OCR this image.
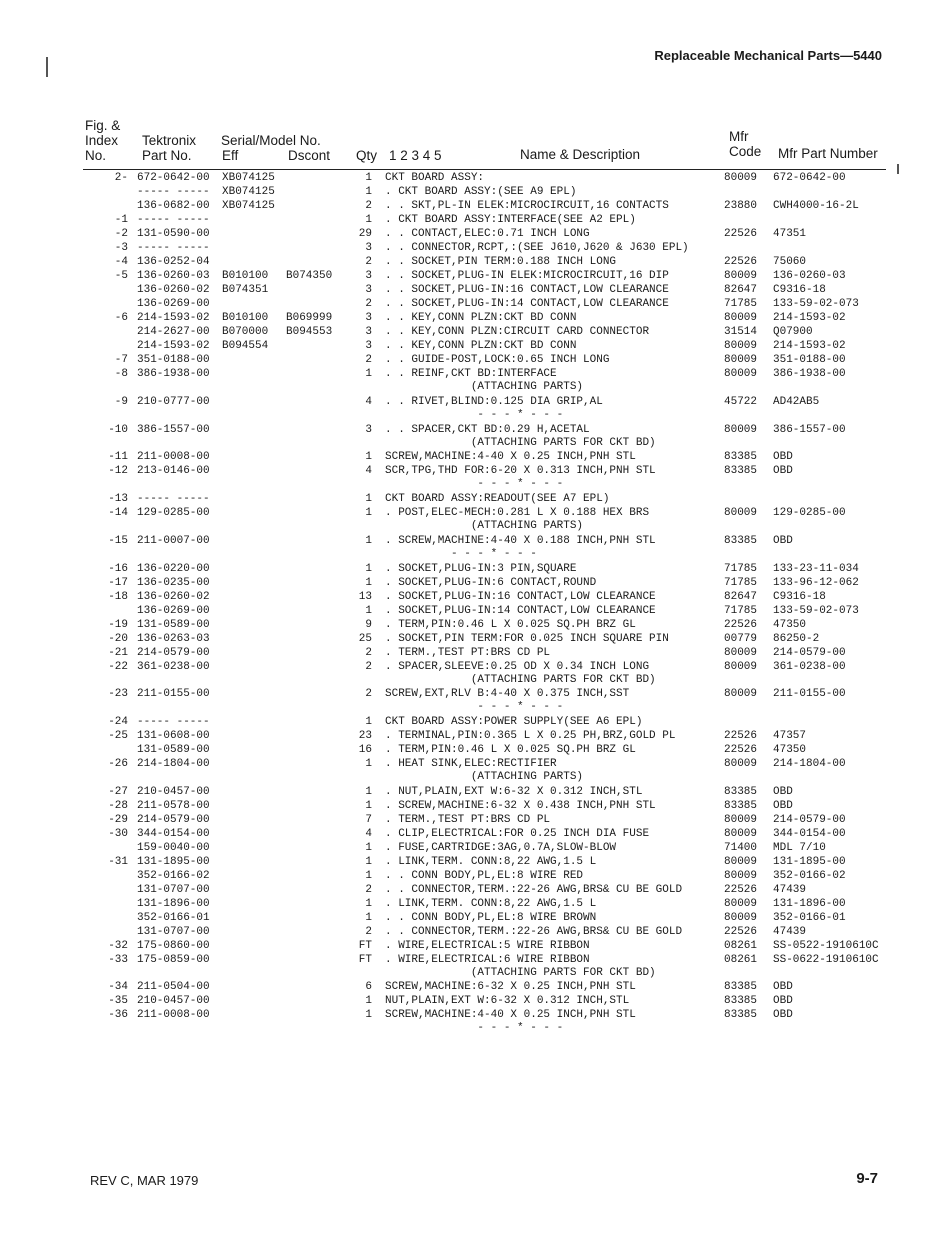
Replaceable Mechanical Parts—5440
Fig. &
Index
No.
Tektronix
Part No.
Serial/Model No.
Eff	Dscont Qty 1 2 3 4 5	Name & Description
Mfr
Code Mfr Part Number
2- 672-0642-00 XB074125	1 CKT BOARD ASSY:	80009 672-0642-00
----- ----- XB074125	1 . CKT BOARD ASSY:(SEE A9 EPL)
136-0682-00 XB074125	2 . . SKT,PL-IN ELEK:MICROCIRCUIT,16 CONTACTS	23880 CWH4000-16-2L
-1 ----- -----	1 . CKT BOARD ASSY:INTERFACE(SEE A2 EPL)
-2 131-0590-00	29 . . CONTACT,ELEC:0.71 INCH LONG	22526 47351
-3 ----- -----	3 . . CONNECTOR,RCPT,:(SEE J610,J620 & J630 EPL)
-4 136-0252-04	2 . . SOCKET,PIN TERM:0.188 INCH LONG	22526 75060
-5 136-0260-03 B010100 B074350	3 . . SOCKET,PLUG-IN ELEK:MICROCIRCUIT,16 DIP	80009 136-0260-03
136-0260-02 B074351	3 . . SOCKET,PLUG-IN:16 CONTACT,LOW CLEARANCE	82647 C9316-18
136-0269-00	2 . . SOCKET,PLUG-IN:14 CONTACT,LOW CLEARANCE	71785 133-59-02-073
-6 214-1593-02 B010100 B069999	3 . . KEY,CONN PLZN:CKT BD CONN	80009 214-1593-02
214-2627-00 B070000 B094553	3 . . KEY,CONN PLZN:CIRCUIT CARD CONNECTOR	31514 Q07900
214-1593-02 B094554	3 . . KEY,CONN PLZN:CKT BD CONN	80009 214-1593-02
-7 351-0188-00	2 . . GUIDE-POST,LOCK:0.65 INCH LONG	80009 351-0188-00
-8 386-1938-00	1 . . REINF,CKT BD:INTERFACE	80009 386-1938-00
(ATTACHING PARTS)
-9 210-0777-00	4 . . RIVET,BLIND:0.125 DIA GRIP,AL	45722 AD42AB5
- - - * - - -
-10 386-1557-00	3 . . SPACER,CKT BD:0.29 H,ACETAL	80009 386-1557-00
(ATTACHING PARTS FOR CKT BD)
-11 211-0008-00	1 SCREW,MACHINE:4-40 X 0.25 INCH,PNH STL	83385 OBD
-12 213-0146-00	4 SCR,TPG,THD FOR:6-20 X 0.313 INCH,PNH STL	83385 OBD
- - - * - - -
-13 ----- -----	1 CKT BOARD ASSY:READOUT(SEE A7 EPL)
-14 129-0285-00	1 . POST,ELEC-MECH:0.281 L X 0.188 HEX BRS	80009 129-0285-00
(ATTACHING PARTS)
-15 211-0007-00	1 . SCREW,MACHINE:4-40 X 0.188 INCH,PNH STL	83385 OBD
- - - * - - -
-16 136-0220-00	1 . SOCKET,PLUG-IN:3 PIN,SQUARE	71785 133-23-11-034
-17 136-0235-00	1 . SOCKET,PLUG-IN:6 CONTACT,ROUND	71785 133-96-12-062
-18 136-0260-02	13 . SOCKET,PLUG-IN:16 CONTACT,LOW CLEARANCE	82647 C9316-18
136-0269-00	1 . SOCKET,PLUG-IN:14 CONTACT,LOW CLEARANCE	71785 133-59-02-073
-19 131-0589-00	9 . TERM,PIN:0.46 L X 0.025 SQ.PH BRZ GL	22526 47350
-20 136-0263-03	25 . SOCKET,PIN TERM:FOR 0.025 INCH SQUARE PIN	00779 86250-2
-21 214-0579-00	2 . TERM.,TEST PT:BRS CD PL	80009 214-0579-00
-22 361-0238-00	2 . SPACER,SLEEVE:0.25 OD X 0.34 INCH LONG	80009 361-0238-00
(ATTACHING PARTS FOR CKT BD)
-23 211-0155-00	2 SCREW,EXT,RLV B:4-40 X 0.375 INCH,SST	80009 211-0155-00
- - - * - - -
-24 ----- -----	1 CKT BOARD ASSY:POWER SUPPLY(SEE A6 EPL)
-25 131-0608-00	23 . TERMINAL,PIN:0.365 L X 0.25 PH,BRZ,GOLD PL	22526 47357
131-0589-00	16 . TERM,PIN:0.46 L X 0.025 SQ.PH BRZ GL	22526 47350
-26 214-1804-00	1 . HEAT SINK,ELEC:RECTIFIER	80009 214-1804-00
(ATTACHING PARTS)
-27 210-0457-00	1 . NUT,PLAIN,EXT W:6-32 X 0.312 INCH,STL	83385 OBD
-28 211-0578-00	1 . SCREW,MACHINE:6-32 X 0.438 INCH,PNH STL	83385 OBD
-29 214-0579-00	7 . TERM.,TEST PT:BRS CD PL	80009 214-0579-00
-30 344-0154-00	4 . CLIP,ELECTRICAL:FOR 0.25 INCH DIA FUSE	80009 344-0154-00
159-0040-00	1 . FUSE,CARTRIDGE:3AG,0.7A,SLOW-BLOW	71400 MDL 7/10
-31 131-1895-00	1 . LINK,TERM. CONN:8,22 AWG,1.5 L	80009 131-1895-00
352-0166-02	1 . . CONN BODY,PL,EL:8 WIRE RED	80009 352-0166-02
131-0707-00	2 . . CONNECTOR,TERM.:22-26 AWG,BRS& CU BE GOLD	22526 47439
131-1896-00	1 . LINK,TERM. CONN:8,22 AWG,1.5 L	80009 131-1896-00
352-0166-01	1 . . CONN BODY,PL,EL:8 WIRE BROWN	80009 352-0166-01
131-0707-00	2 . . CONNECTOR,TERM.:22-26 AWG,BRS& CU BE GOLD	22526 47439
-32 175-0860-00	FT . WIRE,ELECTRICAL:5 WIRE RIBBON	08261 SS-0522-1910610C
-33 175-0859-00	FT . WIRE,ELECTRICAL:6 WIRE RIBBON	08261 SS-0622-1910610C
(ATTACHING PARTS FOR CKT BD)
-34 211-0504-00	6 SCREW,MACHINE:6-32 X 0.25 INCH,PNH STL	83385 OBD
-35 210-0457-00	1 NUT,PLAIN,EXT W:6-32 X 0.312 INCH,STL	83385 OBD
-36 211-0008-00	1 SCREW,MACHINE:4-40 X 0.25 INCH,PNH STL	83385 OBD
- - - * - - -
REV C, MAR 1979	9-7
